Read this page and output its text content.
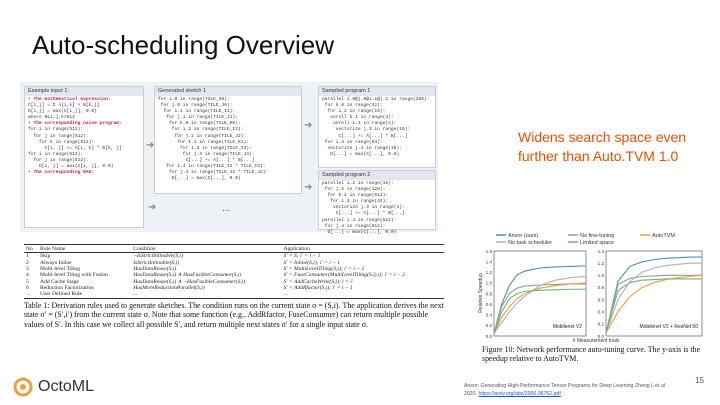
Auto-scheduling Overview
Example input 1:
• The mathematical expression:
C[i,j] = Σ A[i,k] × B[k,j]
D[i,j] = max(C[i,j], 0.0)
where 0≤i,j,k<512
• The corresponding naive program:
for i in range(512):
for j in range(512):
for k in range(512):
C[i, j] += A[i, k] * B[k, j]
for i in range(512):
for j in range(512):
D[i, j] = max(C[i, j], 0.0)
• The corresponding DAG:
➜
Generated sketch 1
for i.0 in range(TILE_I0):
for j.0 in range(TILE_J0):
for i.1 in range(TILE_I1):
for j.1 in range(TILE_J1):
for k.0 in range(TILE_K0):
for i.2 in range(TILE_I2):
for j.2 in range(TILE_J2):
for k.1 in range(TILE_K1):
for i.3 in range(TILE_I3):
for j.3 in range(TILE_J3):
C[...] += A[...] * B[...]
for i.4 in range(TILE_I2 * TILE_I3):
for j.4 in range(TILE_J2 * TILE_J3):
D[...] = max(C[...], 0.0)
➜
➜
Sampled program 1
parallel i.0@j.0@i.1@j.1 in range(256):
for k.0 in range(32):
for i.2 in range(16):
unroll k.1 in range(4):
unroll i.3 in range(4):
vectorize j.3 in range(16):
C[...] += A[...] * B[...]
for i.4 in range(64):
vectorize j.4 in range(16):
D[...] = max(C[...], 0.0)
Sampled program 2
parallel i.2 in range(16):
for j.2 in range(128):
for k.1 in range(512):
for i.3 in range(32):
vectorize j.3 in range(4):
C[...] += A[...] * B[...]
parallel i.4 in range(512):
for j.4 in range(512):
D[...] = max(C[...], 0.0)
➜	...
Widens search space even further than Auto.TVM 1.0
No	Rule Name	Condition	Application
1	Skip	¬IsStrictInlinable(S,i)	S′ = S; i′ = i − 1
2	Always Inline	IsStrictInlinable(S,i)	S′ = Inline(S,i); i′ = i − 1
3	Multi-level Tiling	HasDataReuse(S,i)	S′ = MultiLevelTiling(S,i); i′ = i − 1
4	Multi-level Tiling with Fusion	HasDataReuse(S,i) ∧ HasFusibleConsumer(S,i)	S′ = FuseConsumer(MultiLevelTiling(S,i),i); i′ = i − 2
5	Add Cache Stage	HasDataReuse(S,i) ∧ ¬HasFusibleConsumer(S,i)	S′ = AddCacheWrite(S,i); i = i′
6	Reduction Factorization	HasMoreReductionParallel(S,i)	S′ = AddRfactor(S,i); i′ = i − 1
...	User Defined Rule	...	...
Table 1: Derivation rules used to generate sketches. The condition runs on the current state σ = (S,i). The application derives the next state σ′ = (S′,i′) from the current state σ. Note that some function (e.g., AddRfactor, FuseConsumer) can return multiple possible values of S′. In this case we collect all possible S′, and return multiple next states σ′ for a single input state σ.
Ansor (ours)	No fine-tuning	AutoTVM
No task scheduler	Limited space
0.0
0.2
0.4
0.6
0.8
1.0
1.2
1.4
1.6
Mobilenet V2
Relative Speedup
# Measurement trials
0.0
0.2
0.4
0.6
0.8
1.0
1.2
1.4
Mobilenet V2 + ResNet 50
Figure 10: Network performance auto-tuning curve. The y-axis is the speedup relative to AutoTVM.
OctoML	Ansor: Generating High-Performance Tensor Programs for Deep Learning Zheng L et al
2020. https://arxiv.org/abs/2006.06762.pdf
15
